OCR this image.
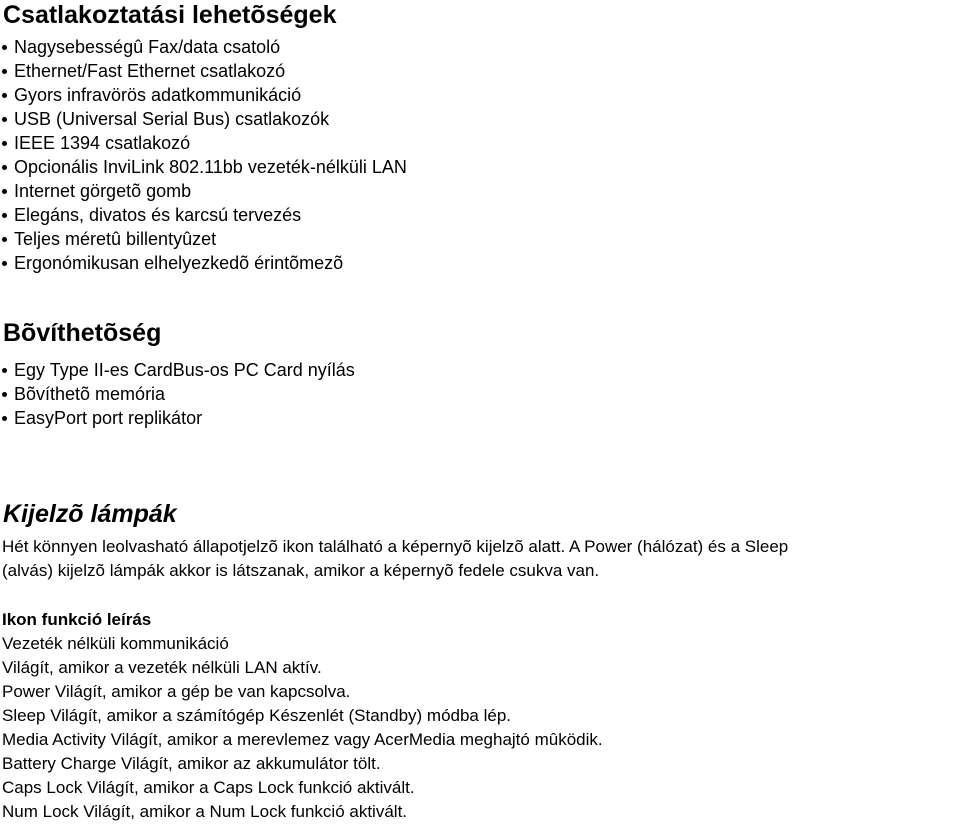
Csatlakoztatási lehetõségek
Nagysebességû Fax/data csatoló
Ethernet/Fast Ethernet csatlakozó
Gyors infravörös adatkommunikáció
USB (Universal Serial Bus) csatlakozók
IEEE 1394 csatlakozó
Opcionális InviLink 802.11bb vezeték-nélküli LAN
Internet görgetõ gomb
Elegáns, divatos és karcsú tervezés
Teljes méretû billentyûzet
Ergonómikusan elhelyezkedõ érintõmezõ
Bõvíthetõség
Egy Type II-es CardBus-os PC Card nyílás
Bõvíthetõ memória
EasyPort port replikátor
Kijelzõ lámpák

Hét könnyen leolvasható állapotjelzõ ikon található a képernyõ kijelzõ alatt. A Power (hálózat) és a Sleep

(alvás) kijelzõ lámpák akkor is látszanak, amikor a képernyõ fedele csukva van.

Ikon funkció leírás

Vezeték nélküli kommunikáció

Világít, amikor a vezeték nélküli LAN aktív.

Power Világít, amikor a gép be van kapcsolva.

Sleep Világít, amikor a számítógép Készenlét (Standby) módba lép.

Media Activity Világít, amikor a merevlemez vagy AcerMedia meghajtó mûködik.

Battery Charge Világít, amikor az akkumulátor tölt.

Caps Lock Világít, amikor a Caps Lock funkció aktivált.

Num Lock Világít, amikor a Num Lock funkció aktivált.
